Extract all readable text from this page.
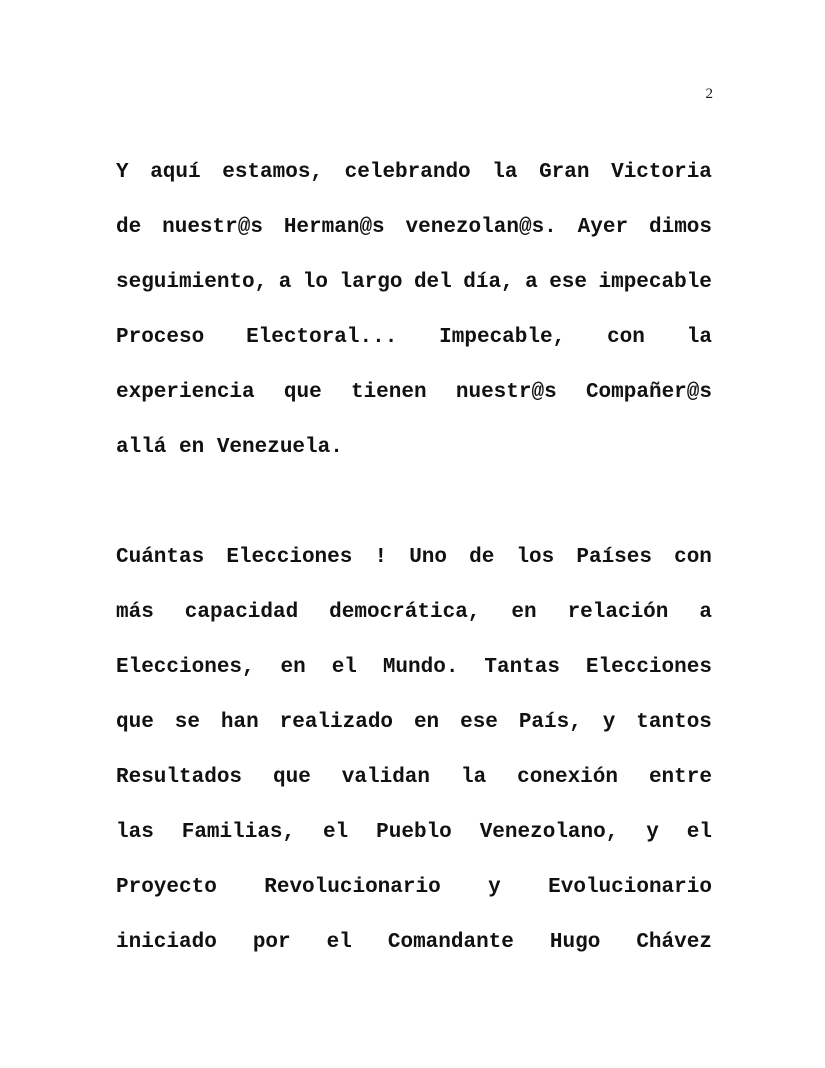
2
Y aquí estamos, celebrando la Gran Victoria
de nuestr@s Herman@s venezolan@s. Ayer dimos
seguimiento, a lo largo del día, a ese impecable
Proceso Electoral... Impecable, con la
experiencia que tienen nuestr@s Compañer@s
allá en Venezuela.
Cuántas Elecciones ! Uno de los Países con
más capacidad democrática, en relación a
Elecciones, en el Mundo. Tantas Elecciones
que se han realizado en ese País, y tantos
Resultados que validan la conexión entre
las Familias, el Pueblo Venezolano, y el
Proyecto Revolucionario y Evolucionario
iniciado por el Comandante Hugo Chávez
